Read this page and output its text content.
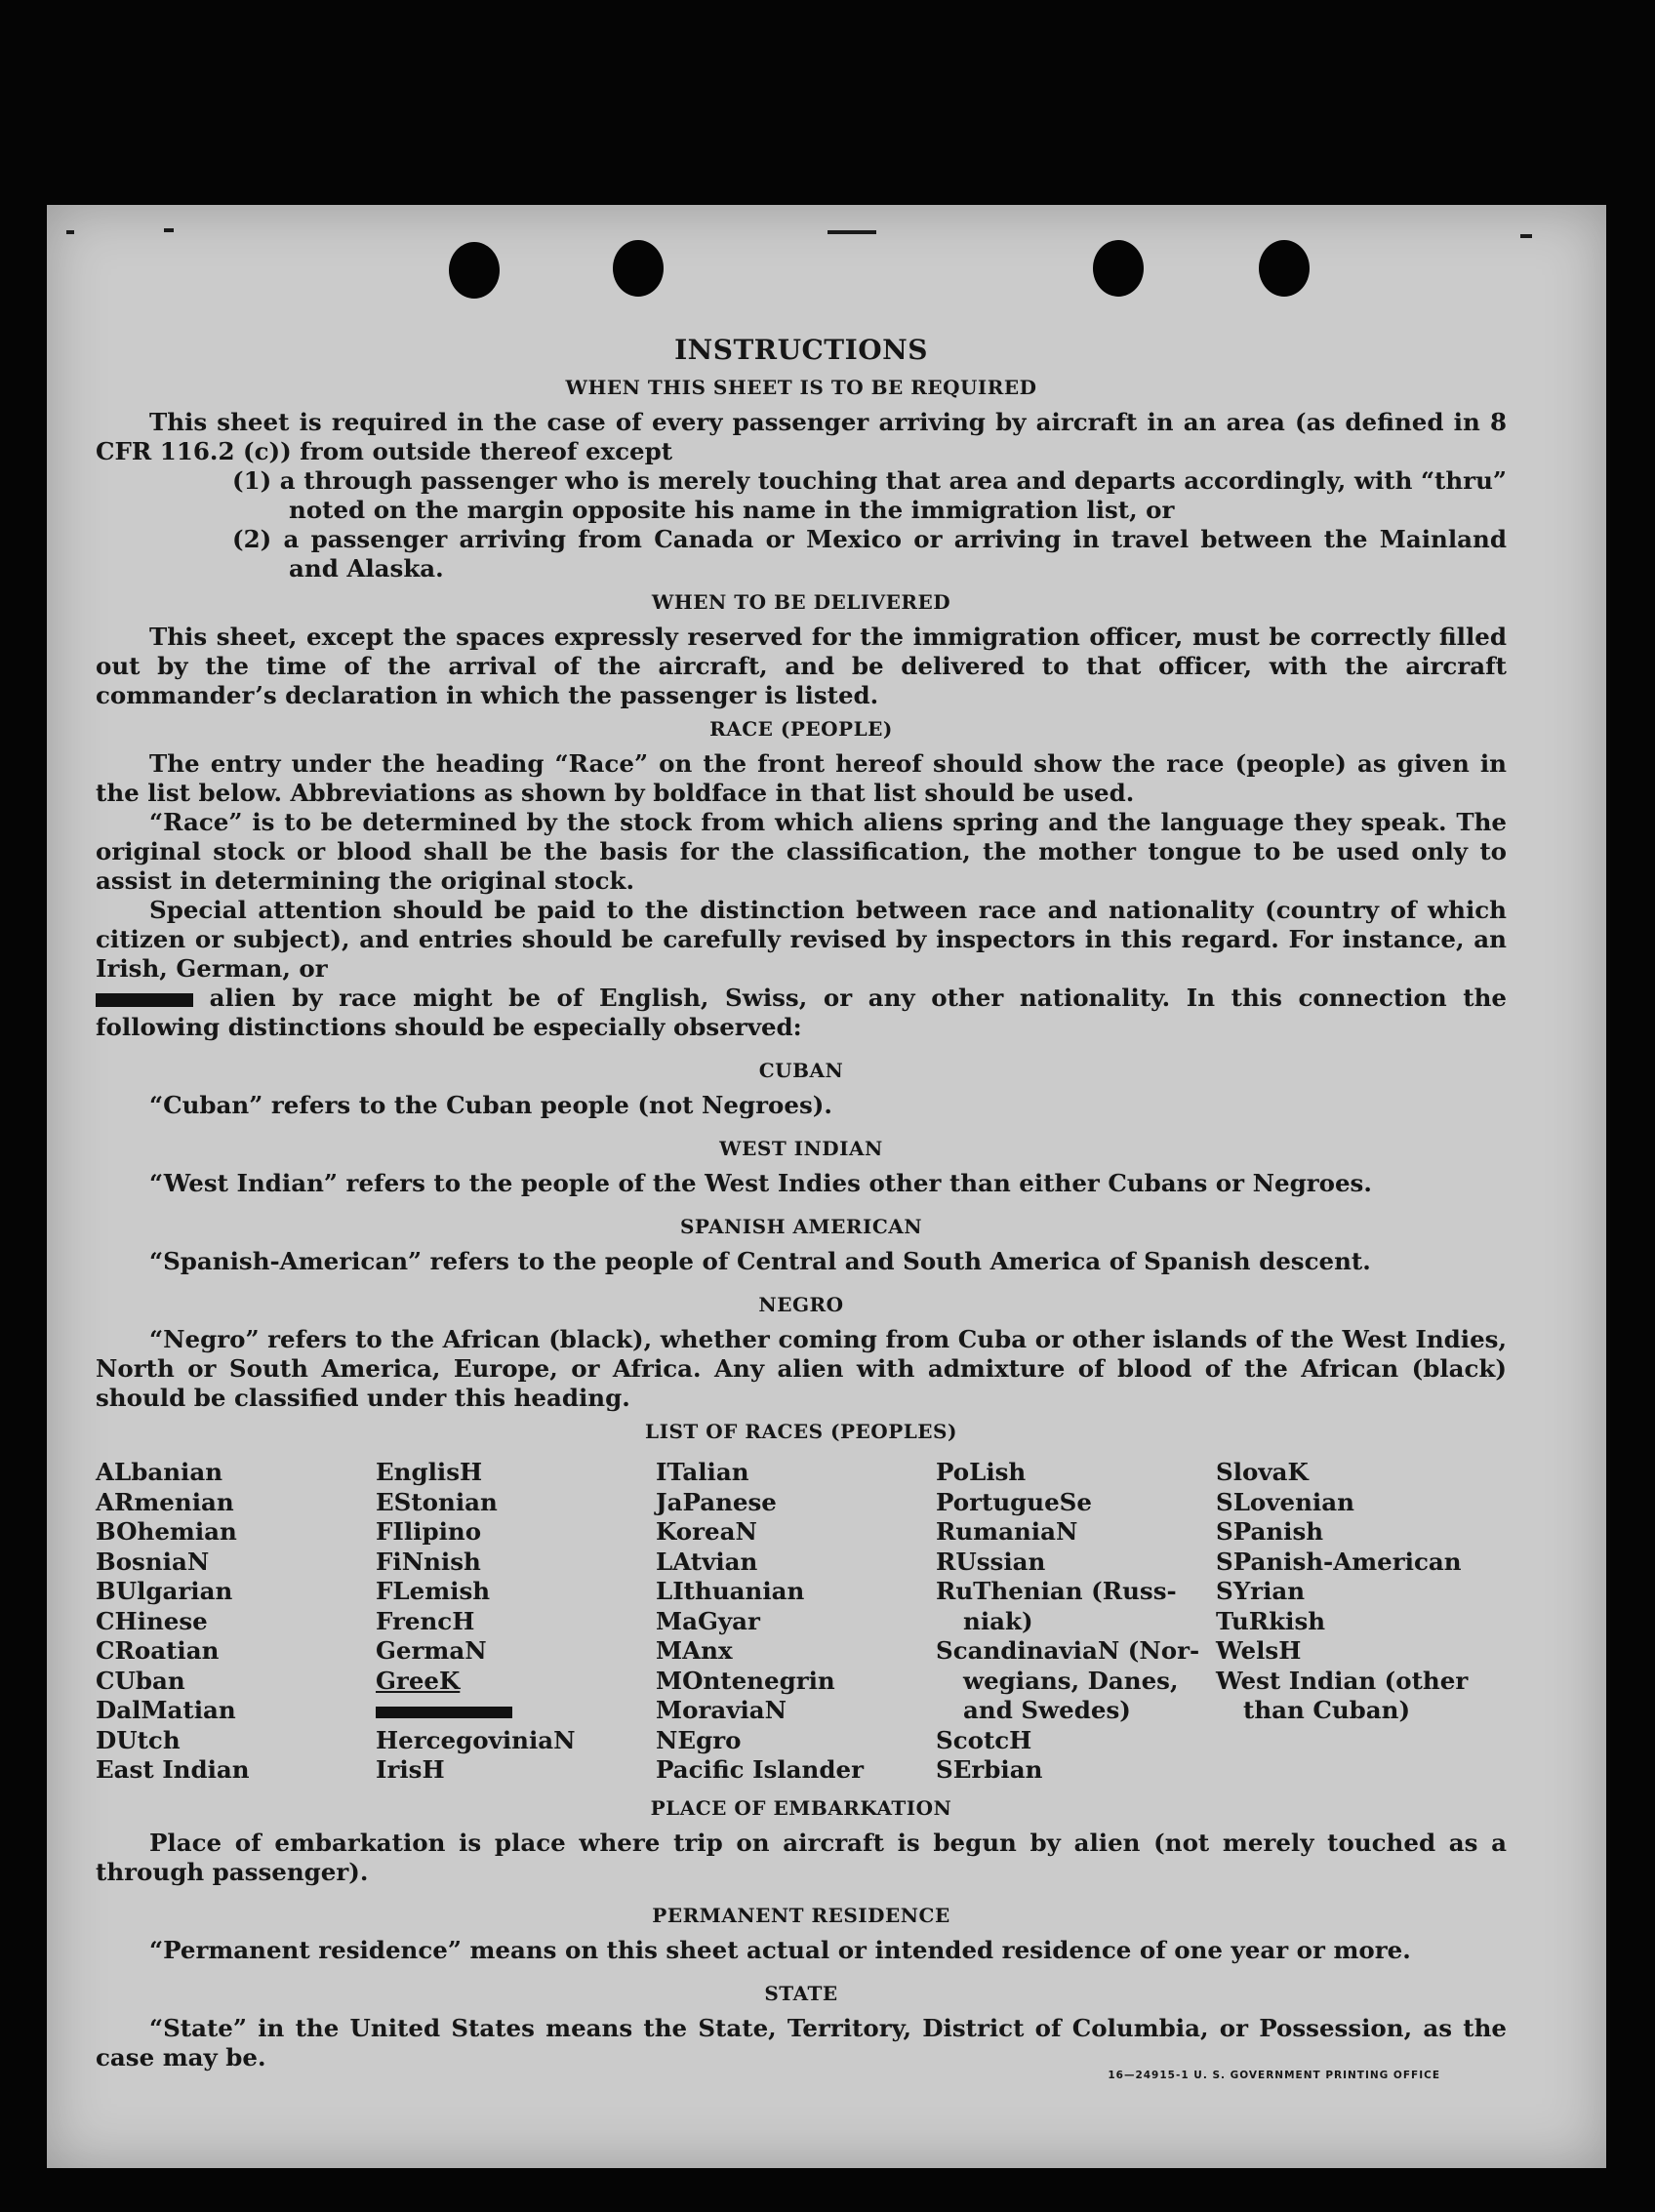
INSTRUCTIONS
WHEN THIS SHEET IS TO BE REQUIRED

This sheet is required in the case of every passenger arriving by aircraft in an area (as defined in 8 CFR 116.2 (c)) from outside thereof except

(1) a through passenger who is merely touching that area and departs accordingly, with “thru” noted on the margin opposite his name in the immigration list, or
(2) a passenger arriving from Canada or Mexico or arriving in travel between the Mainland and Alaska.
WHEN TO BE DELIVERED

This sheet, except the spaces expressly reserved for the immigration officer, must be correctly filled out by the time of the arrival of the aircraft, and be delivered to that officer, with the aircraft commander’s declaration in which the passenger is listed.

RACE (PEOPLE)

The entry under the heading “Race” on the front hereof should show the race (people) as given in the list below. Abbreviations as shown by boldface in that list should be used.

“Race” is to be determined by the stock from which aliens spring and the language they speak. The original stock or blood shall be the basis for the classification, the mother tongue to be used only to assist in determining the original stock.

Special attention should be paid to the distinction between race and nationality (country of which citizen or subject), and entries should be carefully revised by inspectors in this regard. For instance, an Irish, German, or

alien by race might be of English, Swiss, or any other nationality. In this connection the following distinctions should be especially observed:

CUBAN

“Cuban” refers to the Cuban people (not Negroes).

WEST INDIAN

“West Indian” refers to the people of the West Indies other than either Cubans or Negroes.

SPANISH AMERICAN

“Spanish-American” refers to the people of Central and South America of Spanish descent.

NEGRO

“Negro” refers to the African (black), whether coming from Cuba or other islands of the West Indies, North or South America, Europe, or Africa. Any alien with admixture of blood of the African (black) should be classified under this heading.

LIST OF RACES (PEOPLES)
ALbanian
ARmenian
BOhemian
BosniaN
BUlgarian
CHinese
CRoatian
CUban
DalMatian
DUtch
East Indian
EnglisH
EStonian
FIlipino
FiNnish
FLemish
FrencH
GermaN
GreeK
HercegoviniaN
IrisH
ITalian
JaPanese
KoreaN
LAtvian
LIthuanian
MaGyar
MAnx
MOntenegrin
MoraviaN
NEgro
Pacific Islander
PoLish
PortugueSe
RumaniaN
RUssian
RuThenian (Russ-
niak)
ScandinaviaN (Nor-
wegians, Danes,
and Swedes)
ScotcH
SErbian
SlovaK
SLovenian
SPanish
SPanish-American
SYrian
TuRkish
WelsH
West Indian (other
than Cuban)
PLACE OF EMBARKATION

Place of embarkation is place where trip on aircraft is begun by alien (not merely touched as a through passenger).

PERMANENT RESIDENCE

“Permanent residence” means on this sheet actual or intended residence of one year or more.

STATE

“State” in the United States means the State, Territory, District of Columbia, or Possession, as the case may be.

16—24915-1 U. S. GOVERNMENT PRINTING OFFICE
